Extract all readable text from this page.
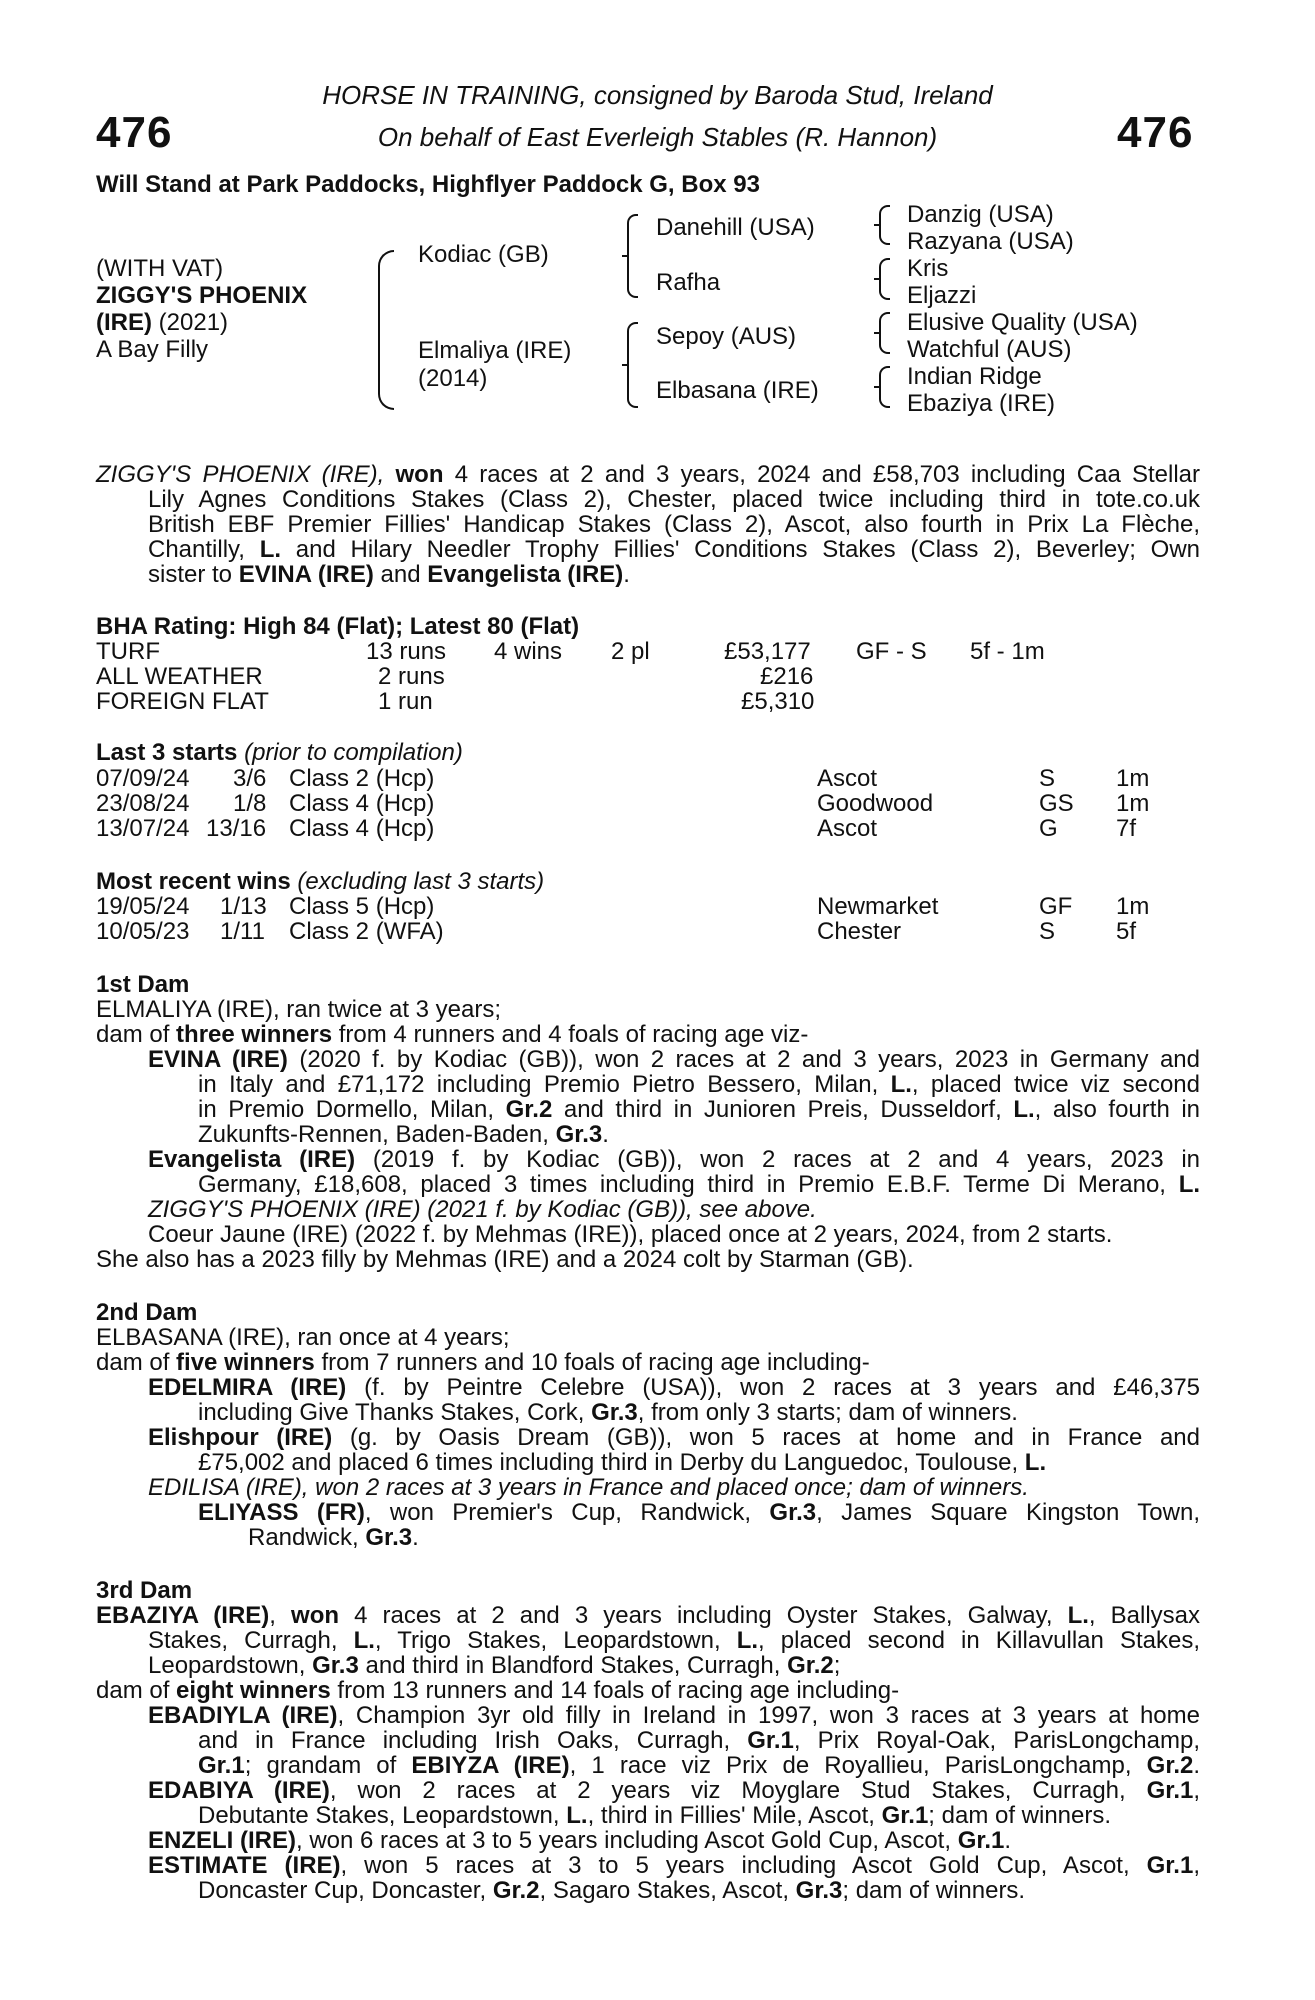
476	476
HORSE IN TRAINING, consigned by Baroda Stud, Ireland
On behalf of East Everleigh Stables (R. Hannon)
Will Stand at Park Paddocks, Highflyer Paddock G, Box 93
(WITH VAT)
ZIGGY'S PHOENIX
(IRE) (2021)
A Bay Filly
Kodiac (GB)
Elmaliya (IRE)
(2014)
Danehill (USA)
Rafha
Sepoy (AUS)
Elbasana (IRE)
Danzig (USA)
Razyana (USA)
Kris
Eljazzi
Elusive Quality (USA)
Watchful (AUS)
Indian Ridge
Ebaziya (IRE)
ZIGGY'S PHOENIX (IRE), won 4 races at 2 and 3 years, 2024 and £58,703 including Caa Stellar
Lily Agnes Conditions Stakes (Class 2), Chester, placed twice including third in tote.co.uk
British EBF Premier Fillies' Handicap Stakes (Class 2), Ascot, also fourth in Prix La Flèche,
Chantilly, L. and Hilary Needler Trophy Fillies' Conditions Stakes (Class 2), Beverley; Own
sister to EVINA (IRE) and Evangelista (IRE).
BHA Rating: High 84 (Flat); Latest 80 (Flat)
TURF	13 runs 4 wins 2 pl	£53,177 GF - S 5f - 1m
ALL WEATHER	2 runs	£216
FOREIGN FLAT	1 run	£5,310
Last 3 starts (prior to compilation)
07/09/24 3/6 Class 2 (Hcp)	Ascot	S	1m
23/08/24 1/8 Class 4 (Hcp)	Goodwood	GS 1m
13/07/24 13/16 Class 4 (Hcp)	Ascot	G 7f
Most recent wins (excluding last 3 starts)
19/05/24 1/13 Class 5 (Hcp)	Newmarket	GF 1m
10/05/23 1/11 Class 2 (WFA)	Chester	S	5f
1st Dam
ELMALIYA (IRE), ran twice at 3 years;
dam of three winners from 4 runners and 4 foals of racing age viz-
EVINA (IRE) (2020 f. by Kodiac (GB)), won 2 races at 2 and 3 years, 2023 in Germany and
in Italy and £71,172 including Premio Pietro Bessero, Milan, L., placed twice viz second
in Premio Dormello, Milan, Gr.2 and third in Junioren Preis, Dusseldorf, L., also fourth in
Zukunfts-Rennen, Baden-Baden, Gr.3.
Evangelista (IRE) (2019 f. by Kodiac (GB)), won 2 races at 2 and 4 years, 2023 in
Germany, £18,608, placed 3 times including third in Premio E.B.F. Terme Di Merano, L.
ZIGGY'S PHOENIX (IRE) (2021 f. by Kodiac (GB)), see above.
Coeur Jaune (IRE) (2022 f. by Mehmas (IRE)), placed once at 2 years, 2024, from 2 starts.
She also has a 2023 filly by Mehmas (IRE) and a 2024 colt by Starman (GB).
2nd Dam
ELBASANA (IRE), ran once at 4 years;
dam of five winners from 7 runners and 10 foals of racing age including-
EDELMIRA (IRE) (f. by Peintre Celebre (USA)), won 2 races at 3 years and £46,375
including Give Thanks Stakes, Cork, Gr.3, from only 3 starts; dam of winners.
Elishpour (IRE) (g. by Oasis Dream (GB)), won 5 races at home and in France and
£75,002 and placed 6 times including third in Derby du Languedoc, Toulouse, L.
EDILISA (IRE), won 2 races at 3 years in France and placed once; dam of winners.
ELIYASS (FR), won Premier's Cup, Randwick, Gr.3, James Square Kingston Town,
Randwick, Gr.3.
3rd Dam
EBAZIYA (IRE), won 4 races at 2 and 3 years including Oyster Stakes, Galway, L., Ballysax
Stakes, Curragh, L., Trigo Stakes, Leopardstown, L., placed second in Killavullan Stakes,
Leopardstown, Gr.3 and third in Blandford Stakes, Curragh, Gr.2;
dam of eight winners from 13 runners and 14 foals of racing age including-
EBADIYLA (IRE), Champion 3yr old filly in Ireland in 1997, won 3 races at 3 years at home
and in France including Irish Oaks, Curragh, Gr.1, Prix Royal-Oak, ParisLongchamp,
Gr.1; grandam of EBIYZA (IRE), 1 race viz Prix de Royallieu, ParisLongchamp, Gr.2.
EDABIYA (IRE), won 2 races at 2 years viz Moyglare Stud Stakes, Curragh, Gr.1,
Debutante Stakes, Leopardstown, L., third in Fillies' Mile, Ascot, Gr.1; dam of winners.
ENZELI (IRE), won 6 races at 3 to 5 years including Ascot Gold Cup, Ascot, Gr.1.
ESTIMATE (IRE), won 5 races at 3 to 5 years including Ascot Gold Cup, Ascot, Gr.1,
Doncaster Cup, Doncaster, Gr.2, Sagaro Stakes, Ascot, Gr.3; dam of winners.
